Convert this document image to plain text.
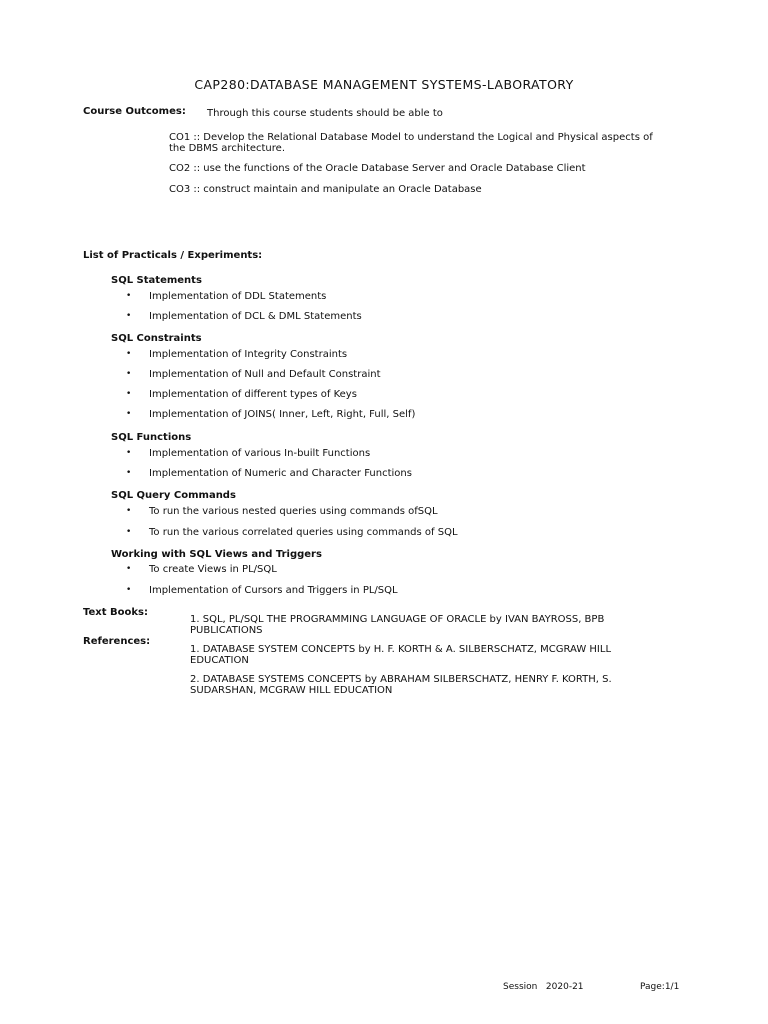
CAP280:DATABASE MANAGEMENT SYSTEMS-LABORATORY
Course Outcomes: Through this course students should be able to
CO1 :: Develop the Relational Database Model to understand the Logical and Physical aspects of the DBMS architecture.
CO2 :: use the functions of the Oracle Database Server and Oracle Database Client
CO3 :: construct maintain and manipulate an Oracle Database
List of Practicals / Experiments:
SQL Statements
• Implementation of DDL Statements
• Implementation of DCL & DML Statements
SQL Constraints
• Implementation of Integrity Constraints
• Implementation of Null and Default Constraint
• Implementation of different types of Keys
• Implementation of JOINS( Inner, Left, Right, Full, Self)
SQL Functions
• Implementation of various In-built Functions
• Implementation of Numeric and Character Functions
SQL Query Commands
• To run the various nested queries using commands ofSQL
• To run the various correlated queries using commands of SQL
Working with SQL Views and Triggers
• To create Views in PL/SQL
• Implementation of Cursors and Triggers in PL/SQL
Text Books:
References:
1. SQL, PL/SQL THE PROGRAMMING LANGUAGE OF ORACLE by IVAN BAYROSS, BPB PUBLICATIONS
1. DATABASE SYSTEM CONCEPTS by H. F. KORTH & A. SILBERSCHATZ, MCGRAW HILL EDUCATION
2. DATABASE SYSTEMS CONCEPTS by ABRAHAM SILBERSCHATZ, HENRY F. KORTH, S. SUDARSHAN, MCGRAW HILL EDUCATION
Session   2020-21	Page:1/1
